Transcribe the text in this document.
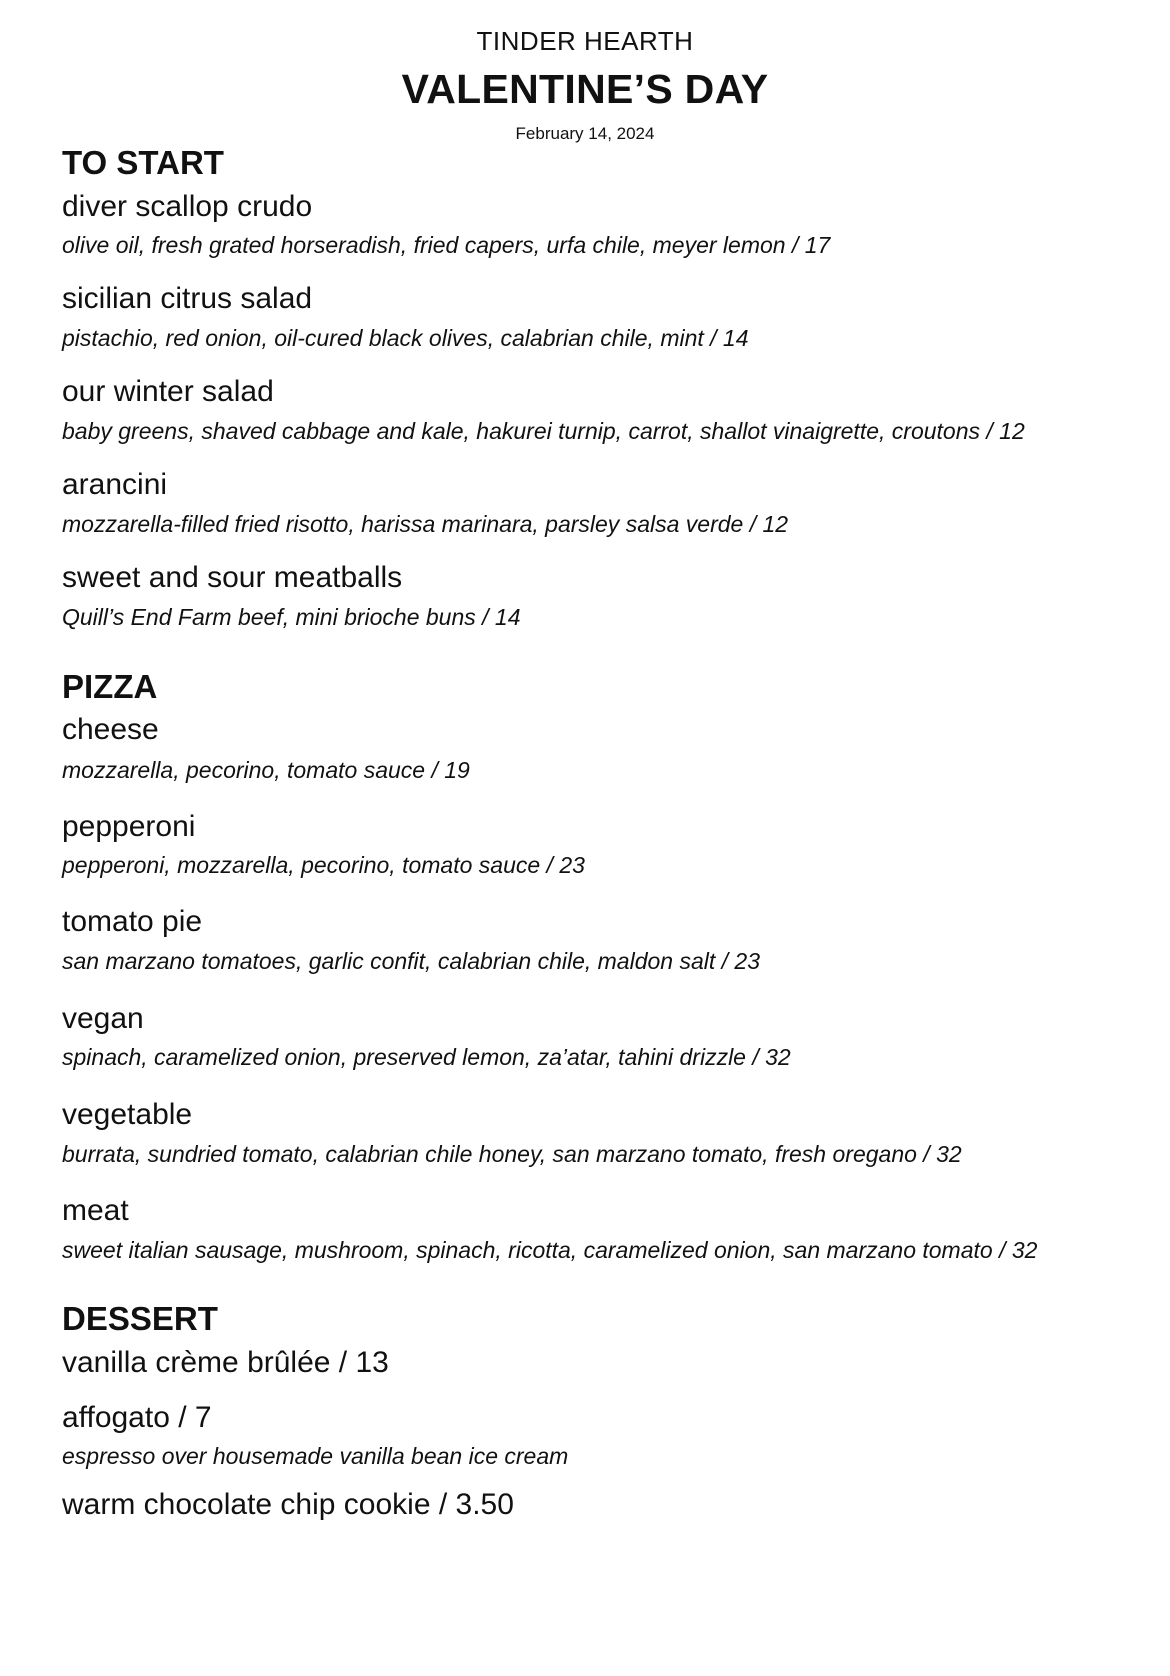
TINDER HEARTH
VALENTINE’S DAY
February 14, 2024
TO START
diver scallop crudo
olive oil, fresh grated horseradish, fried capers, urfa chile, meyer lemon / 17
sicilian citrus salad
pistachio, red onion, oil-cured black olives, calabrian chile, mint / 14
our winter salad
baby greens, shaved cabbage and kale, hakurei turnip, carrot, shallot vinaigrette, croutons / 12
arancini
mozzarella-filled fried risotto, harissa marinara, parsley salsa verde / 12
sweet and sour meatballs
Quill’s End Farm beef, mini brioche buns / 14
PIZZA
cheese
mozzarella, pecorino, tomato sauce / 19
pepperoni
pepperoni, mozzarella, pecorino, tomato sauce / 23
tomato pie
san marzano tomatoes, garlic confit, calabrian chile, maldon salt / 23
vegan
spinach, caramelized onion, preserved lemon, za’atar, tahini drizzle / 32
vegetable
burrata, sundried tomato, calabrian chile honey, san marzano tomato, fresh oregano / 32
meat
sweet italian sausage, mushroom, spinach, ricotta, caramelized onion, san marzano tomato / 32
DESSERT
vanilla crème brûlée / 13
affogato / 7
espresso over housemade vanilla bean ice cream
warm chocolate chip cookie / 3.50
